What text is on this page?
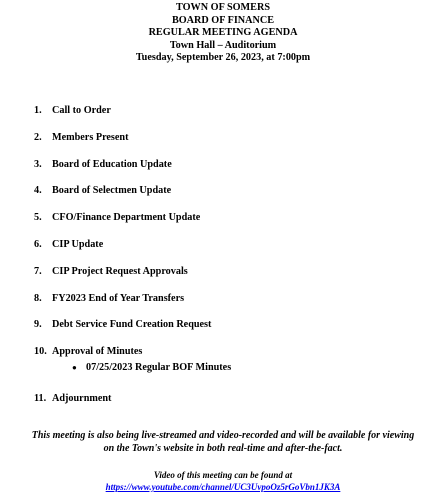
TOWN OF SOMERS
BOARD OF FINANCE
REGULAR MEETING AGENDA
Town Hall – Auditorium
Tuesday, September 26, 2023, at 7:00pm
1. Call to Order
2. Members Present
3. Board of Education Update
4. Board of Selectmen Update
5. CFO/Finance Department Update
6. CIP Update
7. CIP Project Request Approvals
8. FY2023 End of Year Transfers
9. Debt Service Fund Creation Request
10. Approval of Minutes
11. Adjournment
● 07/25/2023 Regular BOF Minutes
This meeting is also being live-streamed and video-recorded and will be available for viewing
on the Town's website in both real-time and after-the-fact.
Video of this meeting can be found at
https://www.youtube.com/channel/UC3UvpoOz5rGoVbn1JK3A
